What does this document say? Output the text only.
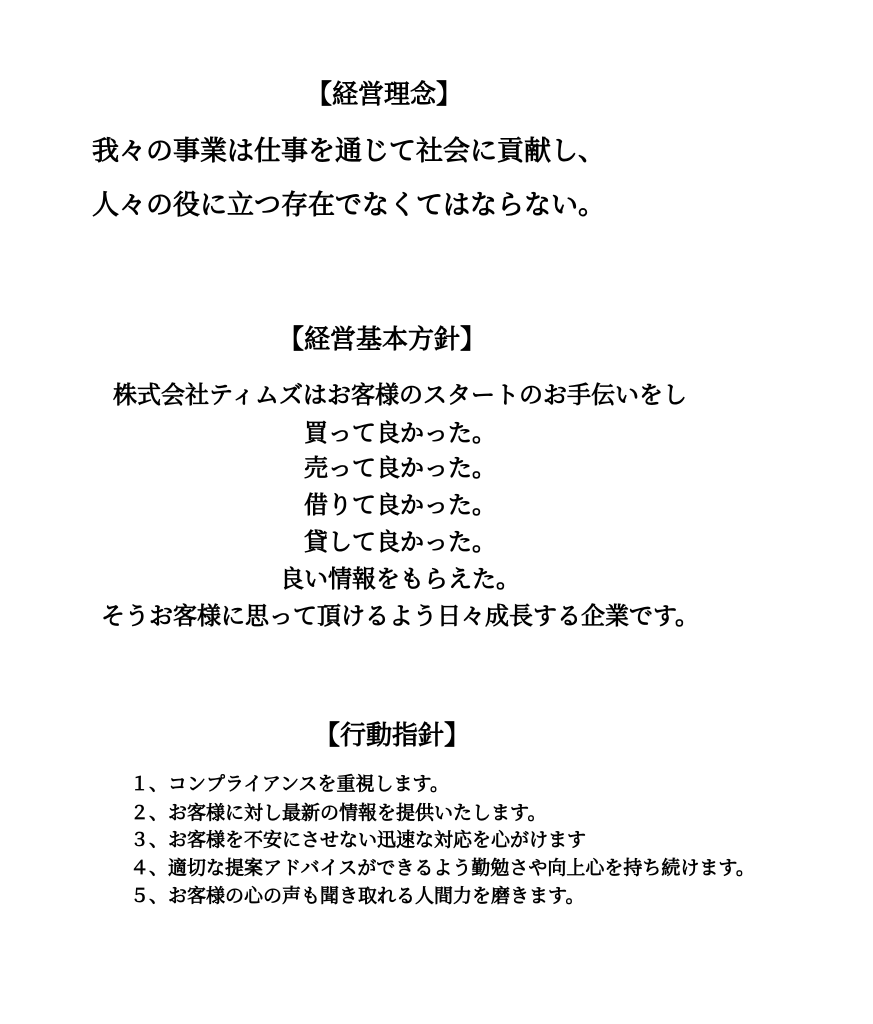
【経営理念】
我々の事業は仕事を通じて社会に貢献し、
人々の役に立つ存在でなくてはならない。
【経営基本方針】
株式会社ティムズはお客様のスタートのお手伝いをし
買って良かった。
売って良かった。
借りて良かった。
貸して良かった。
良い情報をもらえた。
そうお客様に思って頂けるよう日々成長する企業です。
【行動指針】
１、コンプライアンスを重視します。
２、お客様に対し最新の情報を提供いたします。
３、お客様を不安にさせない迅速な対応を心がけます
４、適切な提案アドバイスができるよう勤勉さや向上心を持ち続けます。
５、お客様の心の声も聞き取れる人間力を磨きます。
